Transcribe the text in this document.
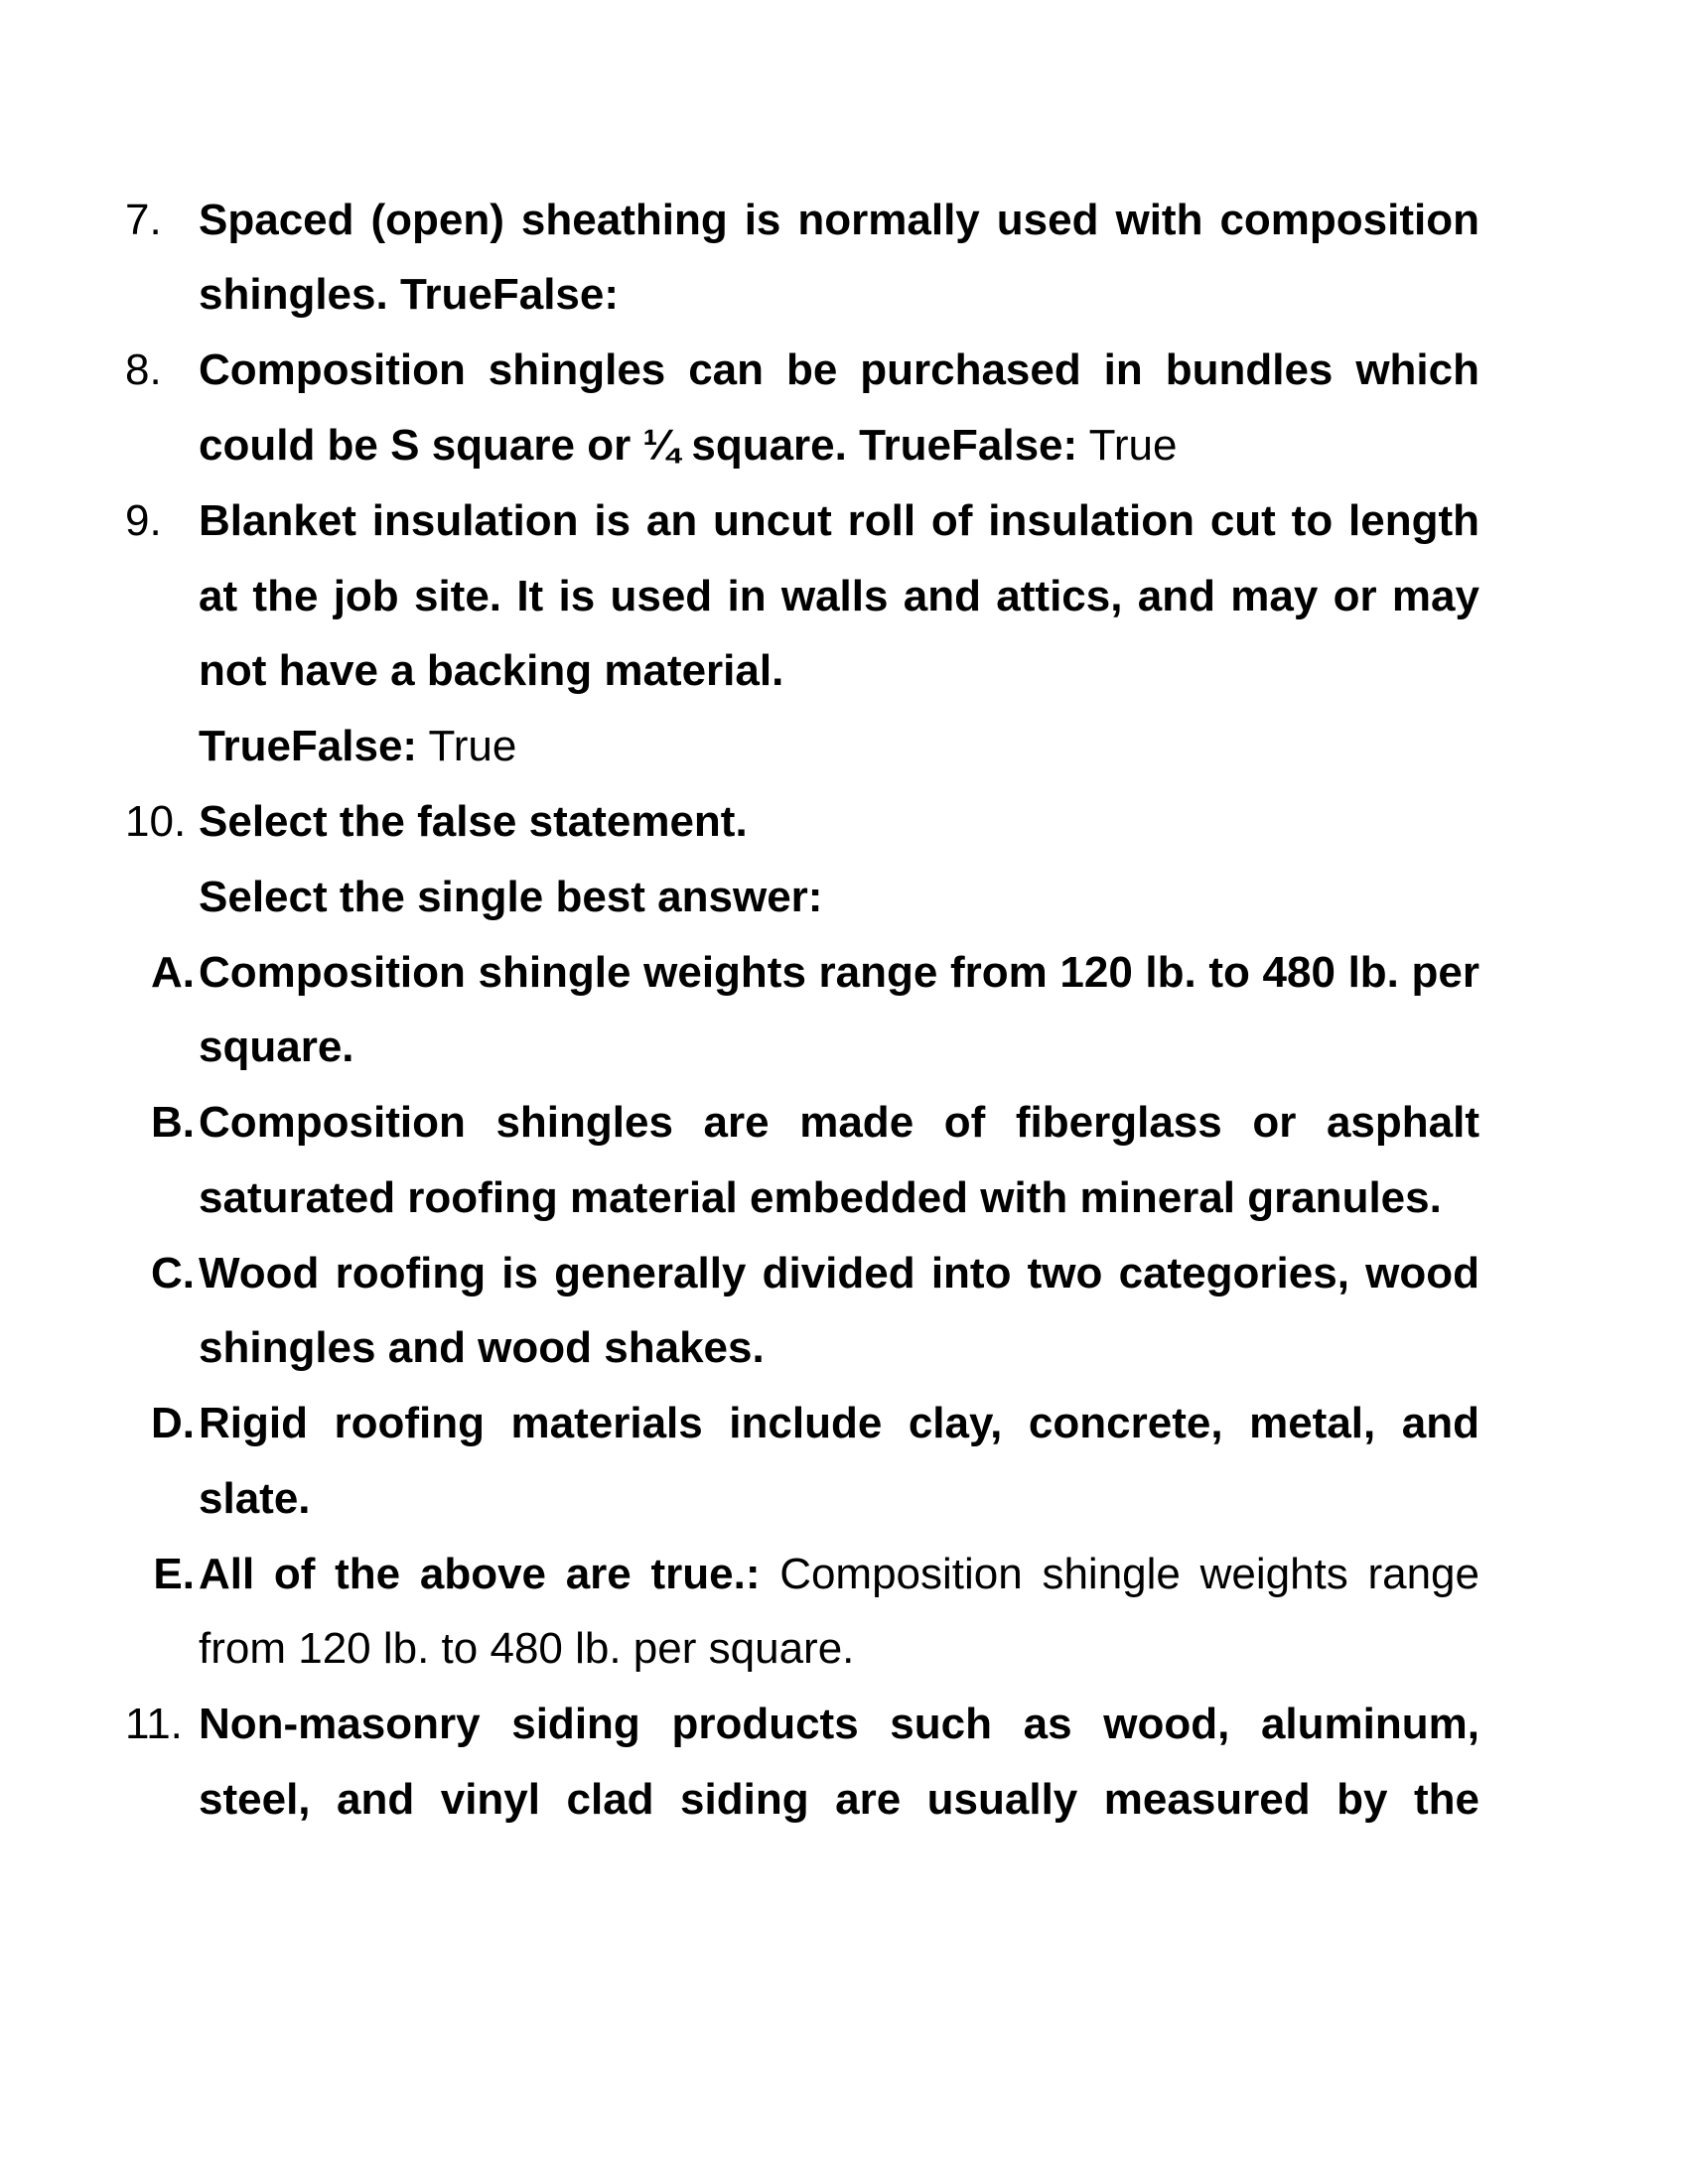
7. Spaced (open) sheathing is normally used with composition
shingles. TrueFalse:
8. Composition shingles can be purchased in bundles which
could be S square or ¼ square. TrueFalse: True
9. Blanket insulation is an uncut roll of insulation cut to length
at the job site. It is used in walls and attics, and may or may
not have a backing material.
TrueFalse: True
10. Select the false statement.
Select the single best answer:
A. Composition shingle weights range from 120 lb. to 480 lb. per
square.
B. Composition shingles are made of fiberglass or asphalt
saturated roofing material embedded with mineral granules.
C. Wood roofing is generally divided into two categories, wood
shingles and wood shakes.
D. Rigid roofing materials include clay, concrete, metal, and
slate.
E. All of the above are true.: Composition shingle weights range
from 120 lb. to 480 lb. per square.
11. Non-masonry siding products such as wood, aluminum,
steel, and vinyl clad siding are usually measured by the
